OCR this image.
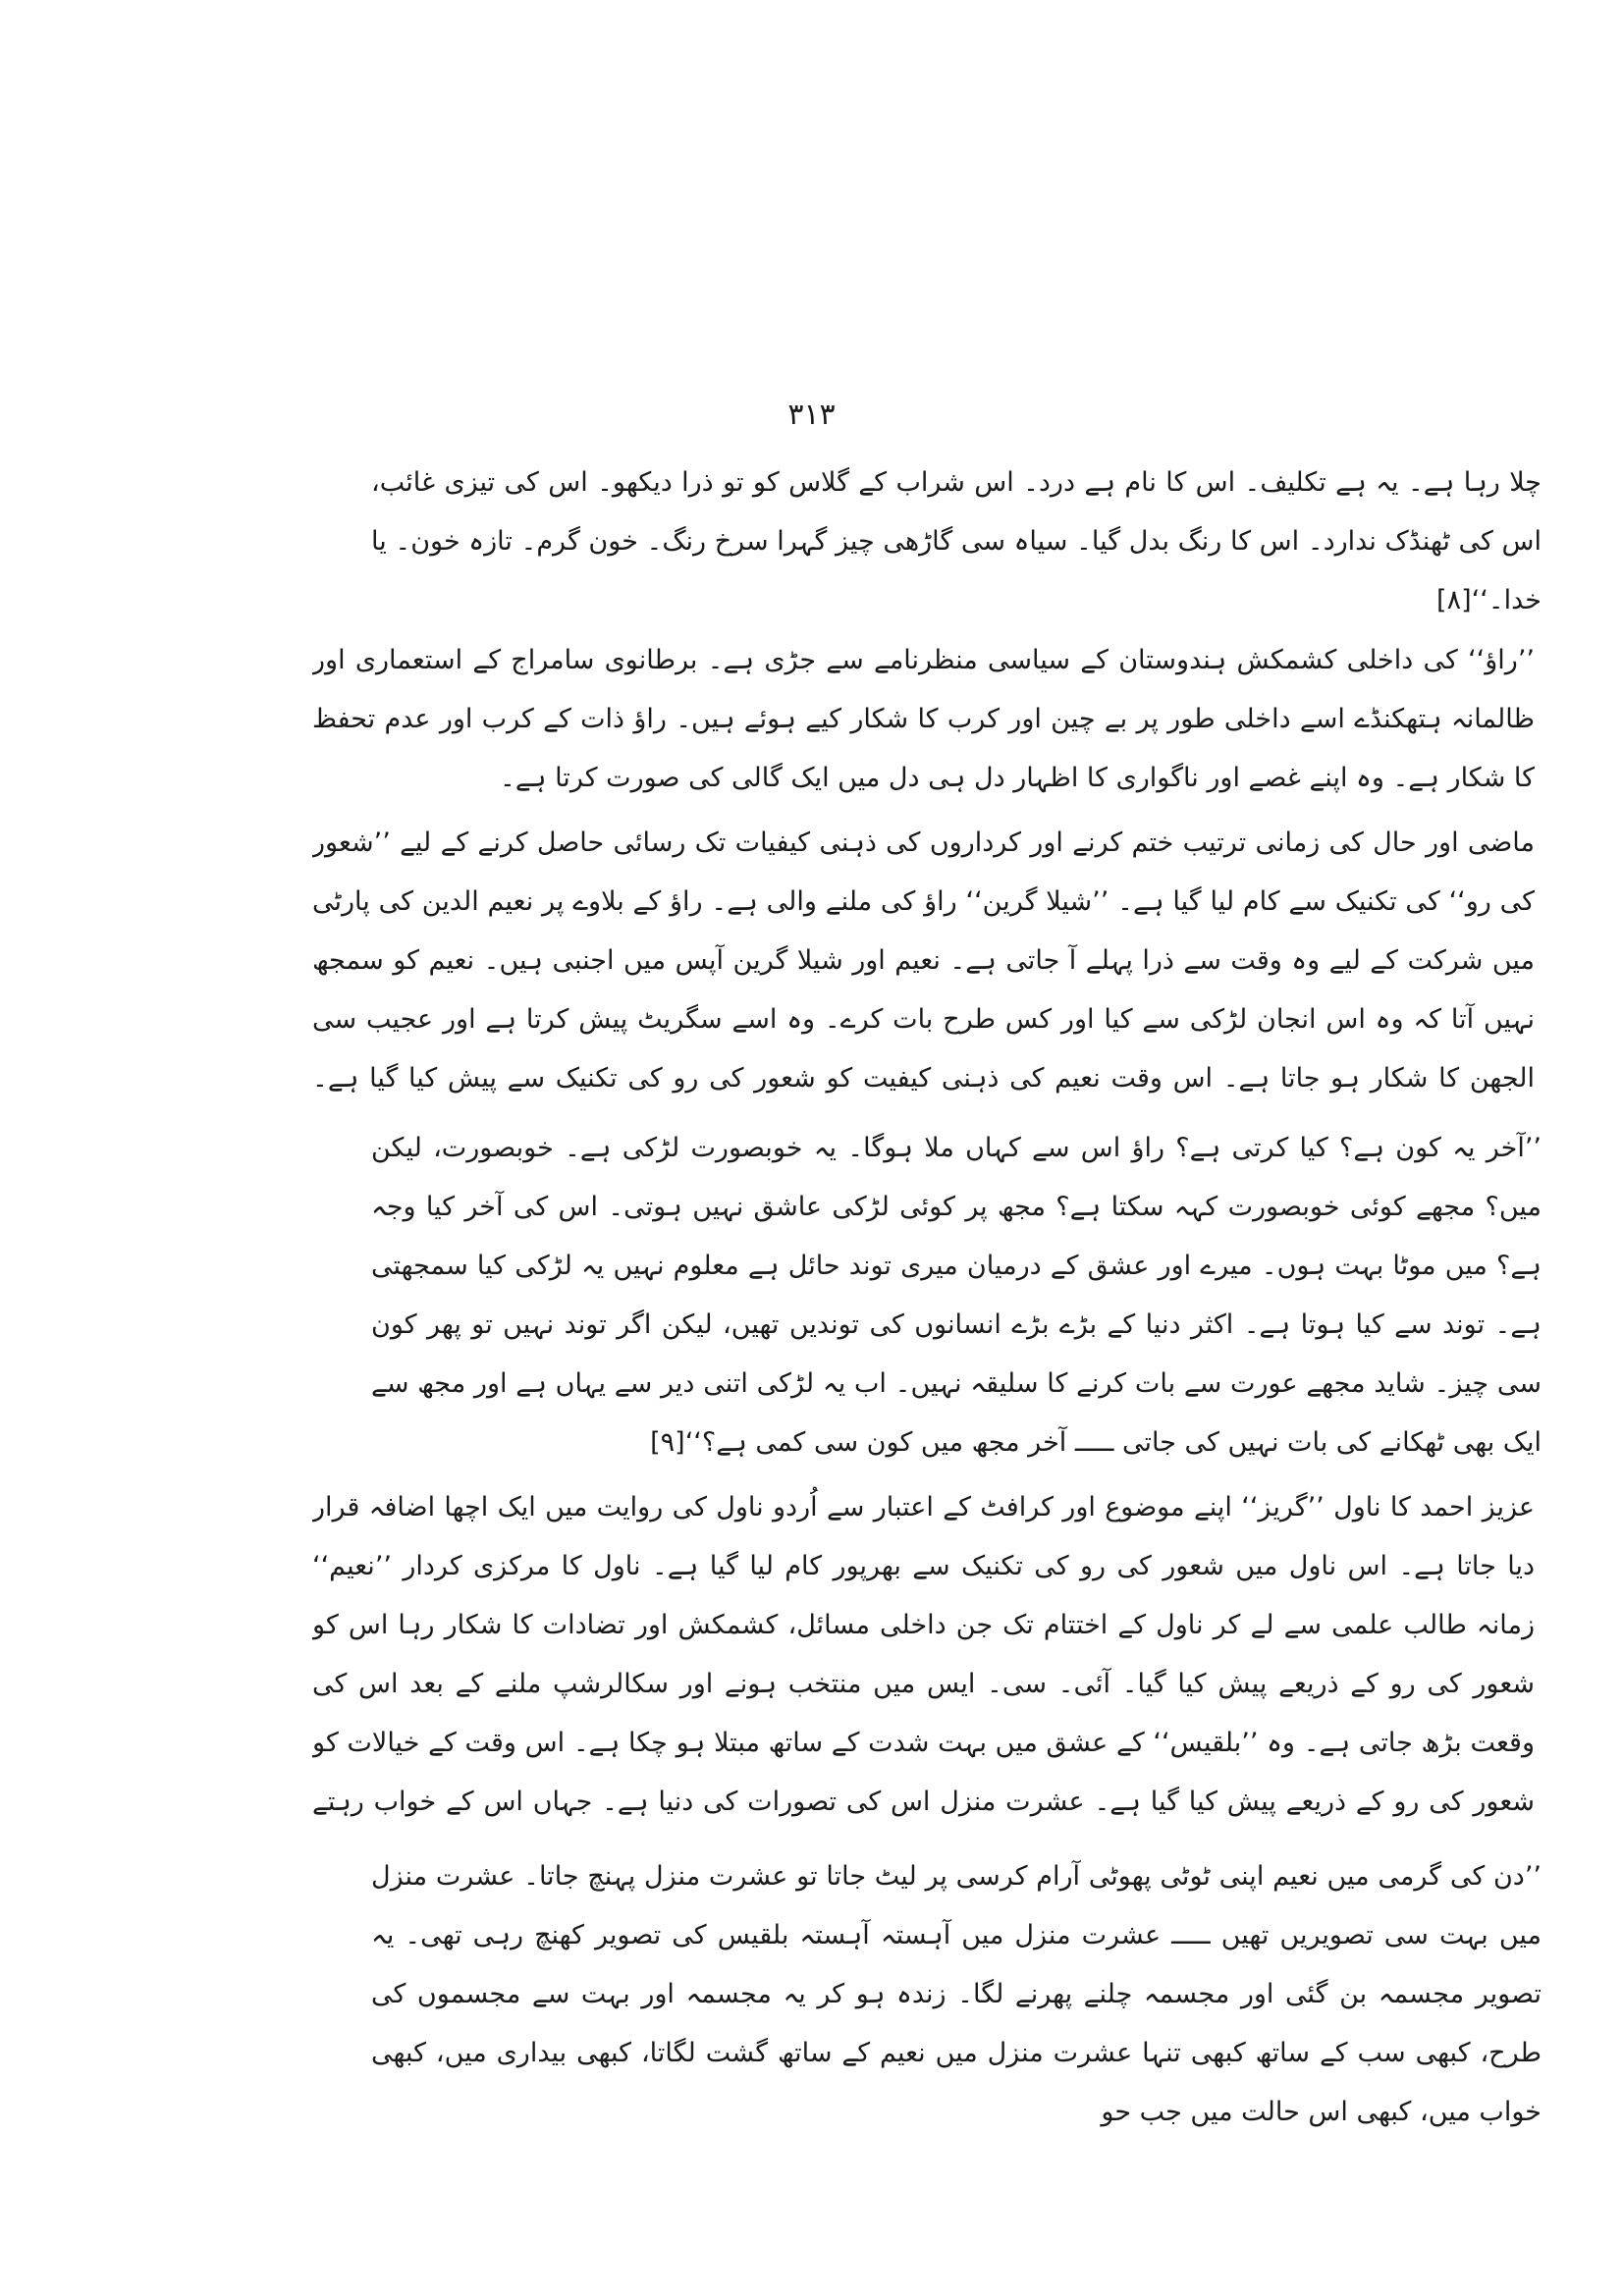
۳۱۳

چلا رہا ہے۔ یہ ہے تکلیف۔ اس کا نام ہے درد۔ اس شراب کے گلاس کو تو ذرا دیکھو۔ اس کی تیزی غائب، اس کی ٹھنڈک ندارد۔ اس کا رنگ بدل گیا۔ سیاہ سی گاڑھی چیز گہرا سرخ رنگ۔ خون گرم۔ تازہ خون۔ یا خدا۔‘‘[۸]

’’راؤ‘‘ کی داخلی کشمکش ہندوستان کے سیاسی منظرنامے سے جڑی ہے۔ برطانوی سامراج کے استعماری اور ظالمانہ ہتھکنڈے اسے داخلی طور پر بے چین اور کرب کا شکار کیے ہوئے ہیں۔ راؤ ذات کے کرب اور عدم تحفظ کا شکار ہے۔ وہ اپنے غصے اور ناگواری کا اظہار دل ہی دل میں ایک گالی کی صورت کرتا ہے۔

ماضی اور حال کی زمانی ترتیب ختم کرنے اور کرداروں کی ذہنی کیفیات تک رسائی حاصل کرنے کے لیے ’’شعور کی رو‘‘ کی تکنیک سے کام لیا گیا ہے۔ ’’شیلا گرین‘‘ راؤ کی ملنے والی ہے۔ راؤ کے بلاوے پر نعیم الدین کی پارٹی میں شرکت کے لیے وہ وقت سے ذرا پہلے آ جاتی ہے۔ نعیم اور شیلا گرین آپس میں اجنبی ہیں۔ نعیم کو سمجھ نہیں آتا کہ وہ اس انجان لڑکی سے کیا اور کس طرح بات کرے۔ وہ اسے سگریٹ پیش کرتا ہے اور عجیب سی الجھن کا شکار ہو جاتا ہے۔ اس وقت نعیم کی ذہنی کیفیت کو شعور کی رو کی تکنیک سے پیش کیا گیا ہے۔

’’آخر یہ کون ہے؟ کیا کرتی ہے؟ راؤ اس سے کہاں ملا ہوگا۔ یہ خوبصورت لڑکی ہے۔ خوبصورت، لیکن میں؟ مجھے کوئی خوبصورت کہہ سکتا ہے؟ مجھ پر کوئی لڑکی عاشق نہیں ہوتی۔ اس کی آخر کیا وجہ ہے؟ میں موٹا بہت ہوں۔ میرے اور عشق کے درمیان میری توند حائل ہے معلوم نہیں یہ لڑکی کیا سمجھتی ہے۔ توند سے کیا ہوتا ہے۔ اکثر دنیا کے بڑے بڑے انسانوں کی توندیں تھیں، لیکن اگر توند نہیں تو پھر کون سی چیز۔ شاید مجھے عورت سے بات کرنے کا سلیقہ نہیں۔ اب یہ لڑکی اتنی دیر سے یہاں ہے اور مجھ سے ایک بھی ٹھکانے کی بات نہیں کی جاتی ـــــ آخر مجھ میں کون سی کمی ہے؟‘‘[۹]

عزیز احمد کا ناول ’’گریز‘‘ اپنے موضوع اور کرافٹ کے اعتبار سے اُردو ناول کی روایت میں ایک اچھا اضافہ قرار دیا جاتا ہے۔ اس ناول میں شعور کی رو کی تکنیک سے بھرپور کام لیا گیا ہے۔ ناول کا مرکزی کردار ’’نعیم‘‘ زمانہ طالب علمی سے لے کر ناول کے اختتام تک جن داخلی مسائل، کشمکش اور تضادات کا شکار رہا اس کو شعور کی رو کے ذریعے پیش کیا گیا۔ آئی۔ سی۔ ایس میں منتخب ہونے اور سکالرشپ ملنے کے بعد اس کی وقعت بڑھ جاتی ہے۔ وہ ’’بلقیس‘‘ کے عشق میں بہت شدت کے ساتھ مبتلا ہو چکا ہے۔ اس وقت کے خیالات کو شعور کی رو کے ذریعے پیش کیا گیا ہے۔ عشرت منزل اس کی تصورات کی دنیا ہے۔ جہاں اس کے خواب رہتے

’’دن کی گرمی میں نعیم اپنی ٹوٹی پھوٹی آرام کرسی پر لیٹ جاتا تو عشرت منزل پہنچ جاتا۔ عشرت منزل میں بہت سی تصویریں تھیں ـــــ عشرت منزل میں آہستہ آہستہ بلقیس کی تصویر کھنچ رہی تھی۔ یہ تصویر مجسمہ بن گئی اور مجسمہ چلنے پھرنے لگا۔ زندہ ہو کر یہ مجسمہ اور بہت سے مجسموں کی طرح، کبھی سب کے ساتھ کبھی تنہا عشرت منزل میں نعیم کے ساتھ گشت لگاتا، کبھی بیداری میں، کبھی خواب میں، کبھی اس حالت میں جب حو
